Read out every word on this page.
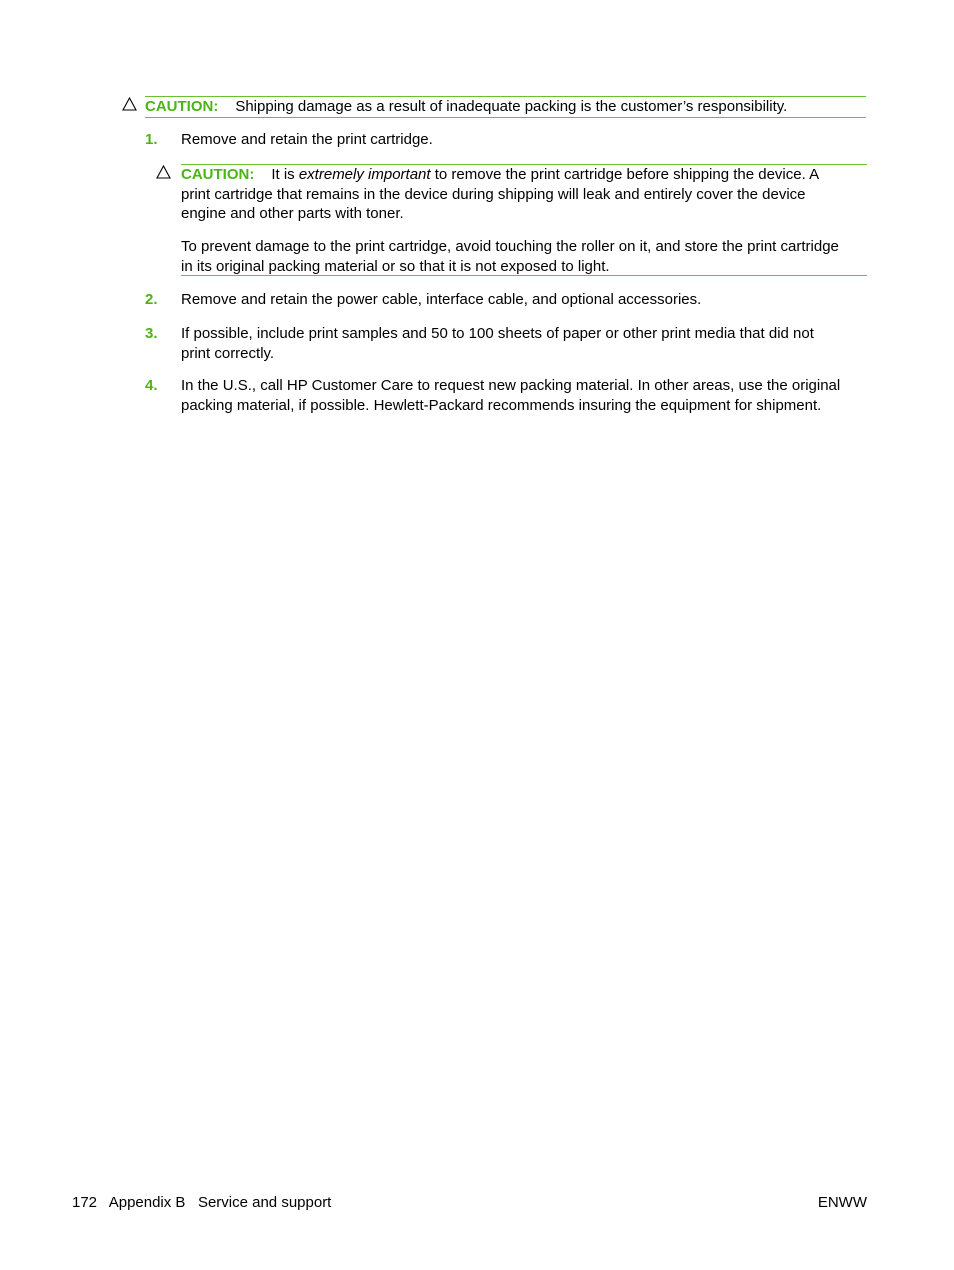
CAUTION: Shipping damage as a result of inadequate packing is the customer’s responsibility.
1. Remove and retain the print cartridge.
CAUTION: It is extremely important to remove the print cartridge before shipping the device. A
print cartridge that remains in the device during shipping will leak and entirely cover the device
engine and other parts with toner.
To prevent damage to the print cartridge, avoid touching the roller on it, and store the print cartridge
in its original packing material or so that it is not exposed to light.
2. Remove and retain the power cable, interface cable, and optional accessories.
3. If possible, include print samples and 50 to 100 sheets of paper or other print media that did not
print correctly.
4. In the U.S., call HP Customer Care to request new packing material. In other areas, use the original
packing material, if possible. Hewlett-Packard recommends insuring the equipment for shipment.
172 Appendix B   Service and support	ENWW
